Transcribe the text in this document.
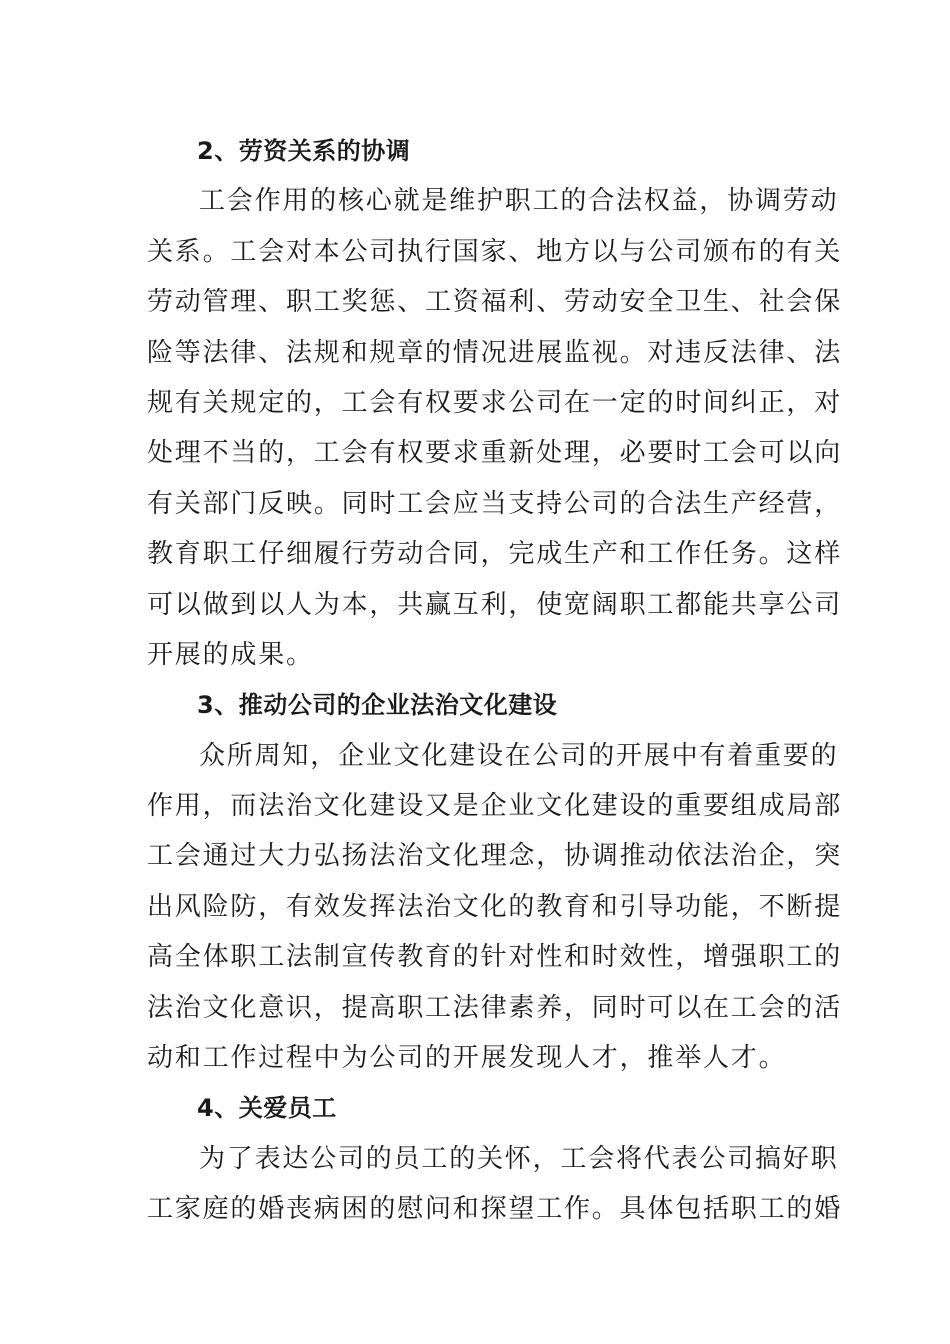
2、劳资关系的协调
工会作用的核心就是维护职工的合法权益，协调劳动
关系。工会对本公司执行国家、地方以与公司颁布的有关
劳动管理、职工奖惩、工资福利、劳动安全卫生、社会保
险等法律、法规和规章的情况进展监视。对违反法律、法
规有关规定的，工会有权要求公司在一定的时间纠正，对
处理不当的，工会有权要求重新处理，必要时工会可以向
有关部门反映。同时工会应当支持公司的合法生产经营，
教育职工仔细履行劳动合同，完成生产和工作任务。这样
可以做到以人为本，共赢互利，使宽阔职工都能共享公司
开展的成果。
3、推动公司的企业法治文化建设
众所周知，企业文化建设在公司的开展中有着重要的
作用，而法治文化建设又是企业文化建设的重要组成局部
工会通过大力弘扬法治文化理念，协调推动依法治企，突
出风险防，有效发挥法治文化的教育和引导功能，不断提
高全体职工法制宣传教育的针对性和时效性，增强职工的
法治文化意识，提高职工法律素养，同时可以在工会的活
动和工作过程中为公司的开展发现人才，推举人才。
4、关爱员工
为了表达公司的员工的关怀，工会将代表公司搞好职
工家庭的婚丧病困的慰问和探望工作。具体包括职工的婚
